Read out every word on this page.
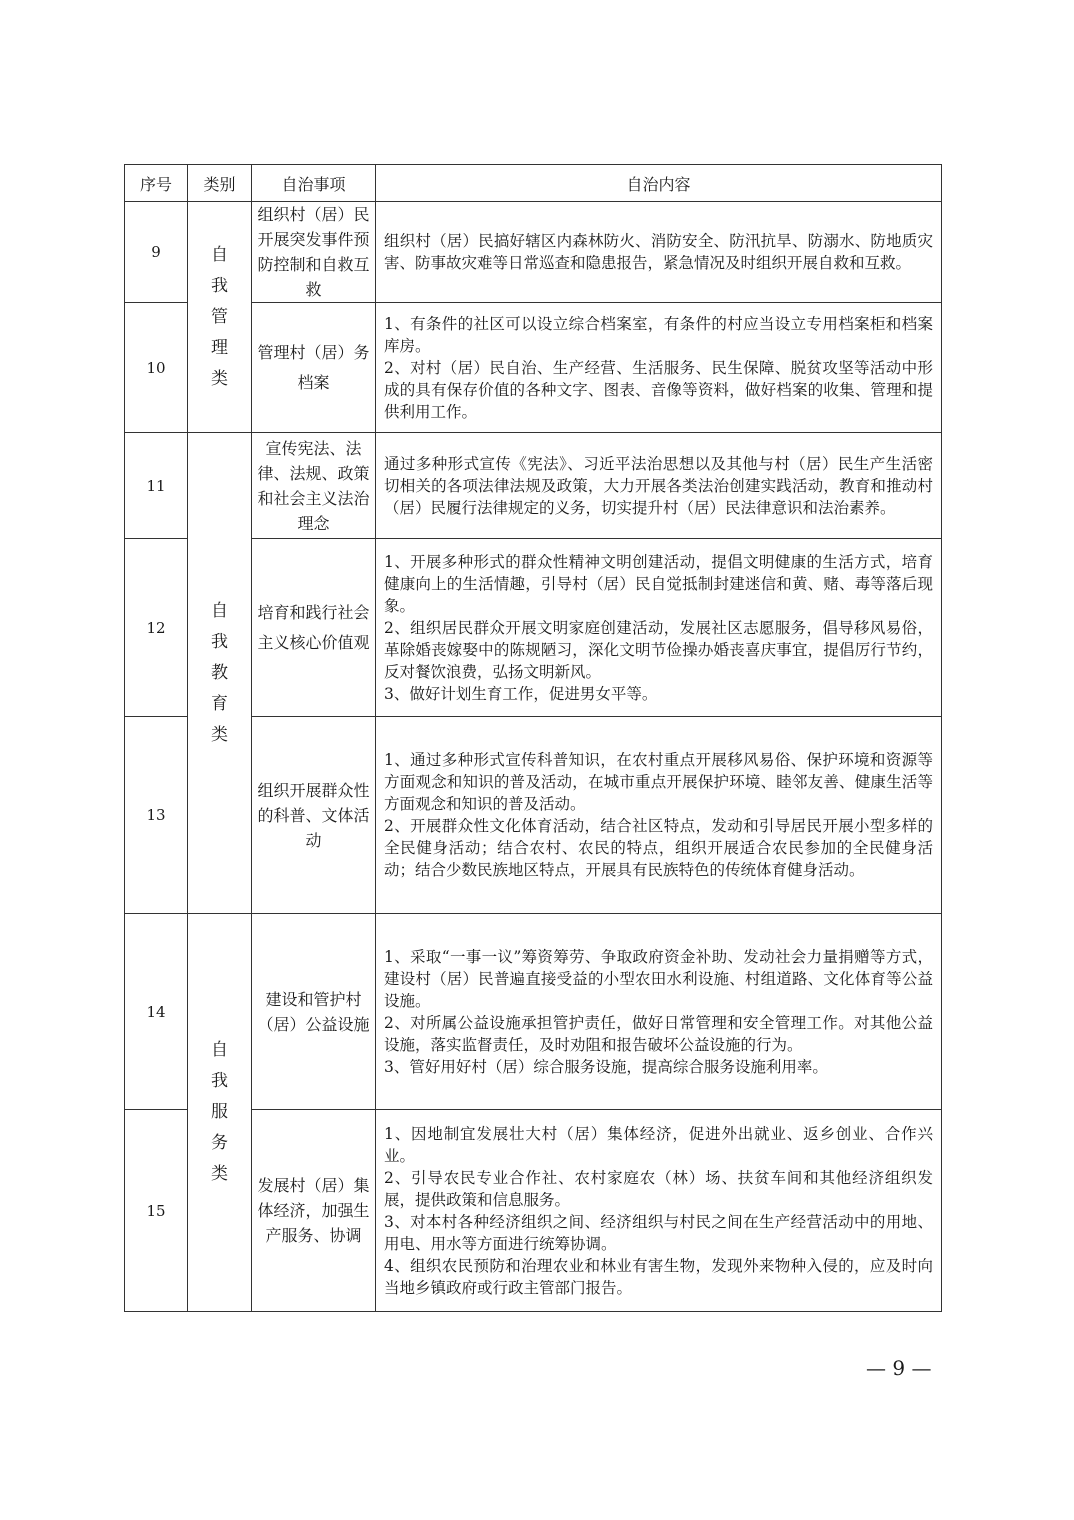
序号	类别	自治事项	自治内容
9	自我管理类	组织村（居）民开展突发事件预防控制和自救互救	组织村（居）民搞好辖区内森林防火、消防安全、防汛抗旱、防溺水、防地质灾害、防事故灾难等日常巡查和隐患报告，紧急情况及时组织开展自救和互救。

10		管理村（居）务档案	1、有条件的社区可以设立综合档案室，有条件的村应当设立专用档案柜和档案库房。

2、对村（居）民自治、生产经营、生活服务、民生保障、脱贫攻坚等活动中形成的具有保存价值的各种文字、图表、音像等资料，做好档案的收集、管理和提供利用工作。

11	自我教育类	宣传宪法、法律、法规、政策和社会主义法治理念	通过多种形式宣传《宪法》、习近平法治思想以及其他与村（居）民生产生活密切相关的各项法律法规及政策，大力开展各类法治创建实践活动，教育和推动村（居）民履行法律规定的义务，切实提升村（居）民法律意识和法治素养。

12		培育和践行社会主义核心价值观	1、开展多种形式的群众性精神文明创建活动，提倡文明健康的生活方式，培育健康向上的生活情趣，引导村（居）民自觉抵制封建迷信和黄、赌、毒等落后现象。

2、组织居民群众开展文明家庭创建活动，发展社区志愿服务，倡导移风易俗，革除婚丧嫁娶中的陈规陋习，深化文明节俭操办婚丧喜庆事宜，提倡厉行节约，反对餐饮浪费，弘扬文明新风。

3、做好计划生育工作，促进男女平等。

13		组织开展群众性的科普、文体活动	1、通过多种形式宣传科普知识，在农村重点开展移风易俗、保护环境和资源等方面观念和知识的普及活动，在城市重点开展保护环境、睦邻友善、健康生活等方面观念和知识的普及活动。

2、开展群众性文化体育活动，结合社区特点，发动和引导居民开展小型多样的全民健身活动；结合农村、农民的特点，组织开展适合农民参加的全民健身活动；结合少数民族地区特点，开展具有民族特色的传统体育健身活动。

14	自我服务类	建设和管护村（居）公益设施	1、采取“一事一议”筹资筹劳、争取政府资金补助、发动社会力量捐赠等方式，建设村（居）民普遍直接受益的小型农田水利设施、村组道路、文化体育等公益设施。

2、对所属公益设施承担管护责任，做好日常管理和安全管理工作。对其他公益设施，落实监督责任，及时劝阻和报告破坏公益设施的行为。

3、管好用好村（居）综合服务设施，提高综合服务设施利用率。

15		发展村（居）集体经济，加强生产服务、协调	1、因地制宜发展壮大村（居）集体经济，促进外出就业、返乡创业、合作兴业。

2、引导农民专业合作社、农村家庭农（林）场、扶贫车间和其他经济组织发展，提供政策和信息服务。

3、对本村各种经济组织之间、经济组织与村民之间在生产经营活动中的用地、用电、用水等方面进行统筹协调。

4、组织农民预防和治理农业和林业有害生物，发现外来物种入侵的，应及时向当地乡镇政府或行政主管部门报告。

— 9 —
